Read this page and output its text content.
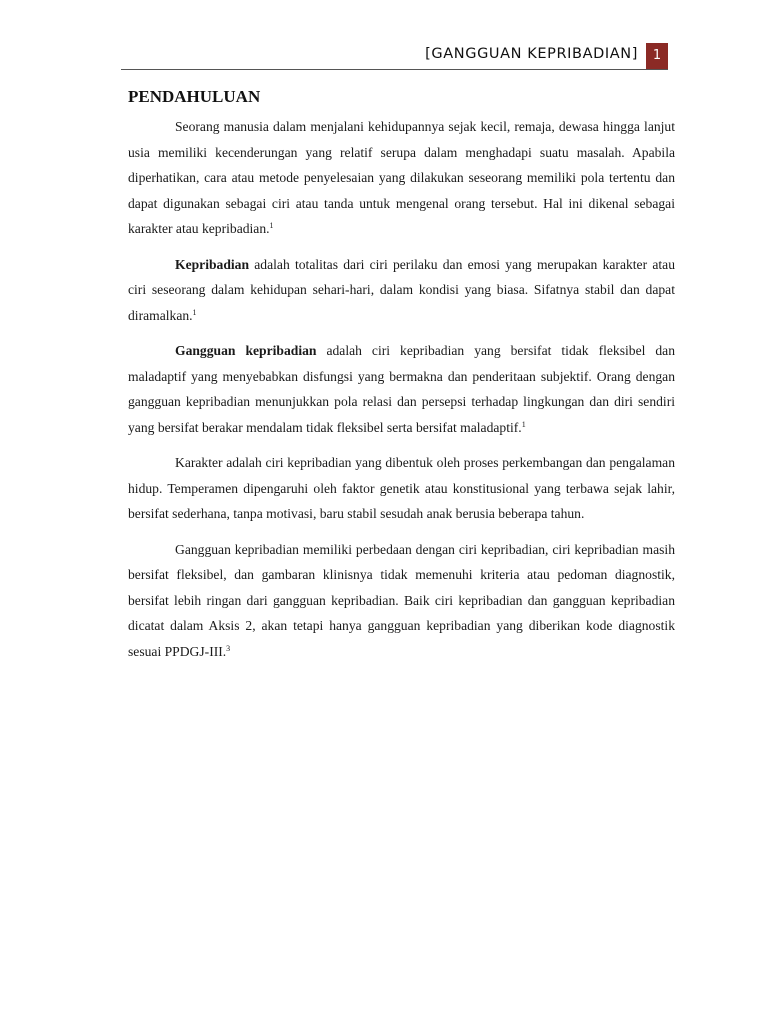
[GANGGUAN KEPRIBADIAN]	1
PENDAHULUAN

Seorang manusia dalam menjalani kehidupannya sejak kecil, remaja, dewasa hingga lanjut usia memiliki kecenderungan yang relatif serupa dalam menghadapi suatu masalah. Apabila diperhatikan, cara atau metode penyelesaian yang dilakukan seseorang memiliki pola tertentu dan dapat digunakan sebagai ciri atau tanda untuk mengenal orang tersebut. Hal ini dikenal sebagai karakter atau kepribadian.$^1$

Kepribadian adalah totalitas dari ciri perilaku dan emosi yang merupakan karakter atau ciri seseorang dalam kehidupan sehari-hari, dalam kondisi yang biasa. Sifatnya stabil dan dapat diramalkan.$^1$

Gangguan kepribadian adalah ciri kepribadian yang bersifat tidak fleksibel dan maladaptif yang menyebabkan disfungsi yang bermakna dan penderitaan subjektif. Orang dengan gangguan kepribadian menunjukkan pola relasi dan persepsi terhadap lingkungan dan diri sendiri yang bersifat berakar mendalam tidak fleksibel serta bersifat maladaptif.$^1$

Karakter adalah ciri kepribadian yang dibentuk oleh proses perkembangan dan pengalaman hidup. Temperamen dipengaruhi oleh faktor genetik atau konstitusional yang terbawa sejak lahir, bersifat sederhana, tanpa motivasi, baru stabil sesudah anak berusia beberapa tahun.

Gangguan kepribadian memiliki perbedaan dengan ciri kepribadian, ciri kepribadian masih bersifat fleksibel, dan gambaran klinisnya tidak memenuhi kriteria atau pedoman diagnostik, bersifat lebih ringan dari gangguan kepribadian. Baik ciri kepribadian dan gangguan kepribadian dicatat dalam Aksis 2, akan tetapi hanya gangguan kepribadian yang diberikan kode diagnostik sesuai PPDGJ-III.$^3$
